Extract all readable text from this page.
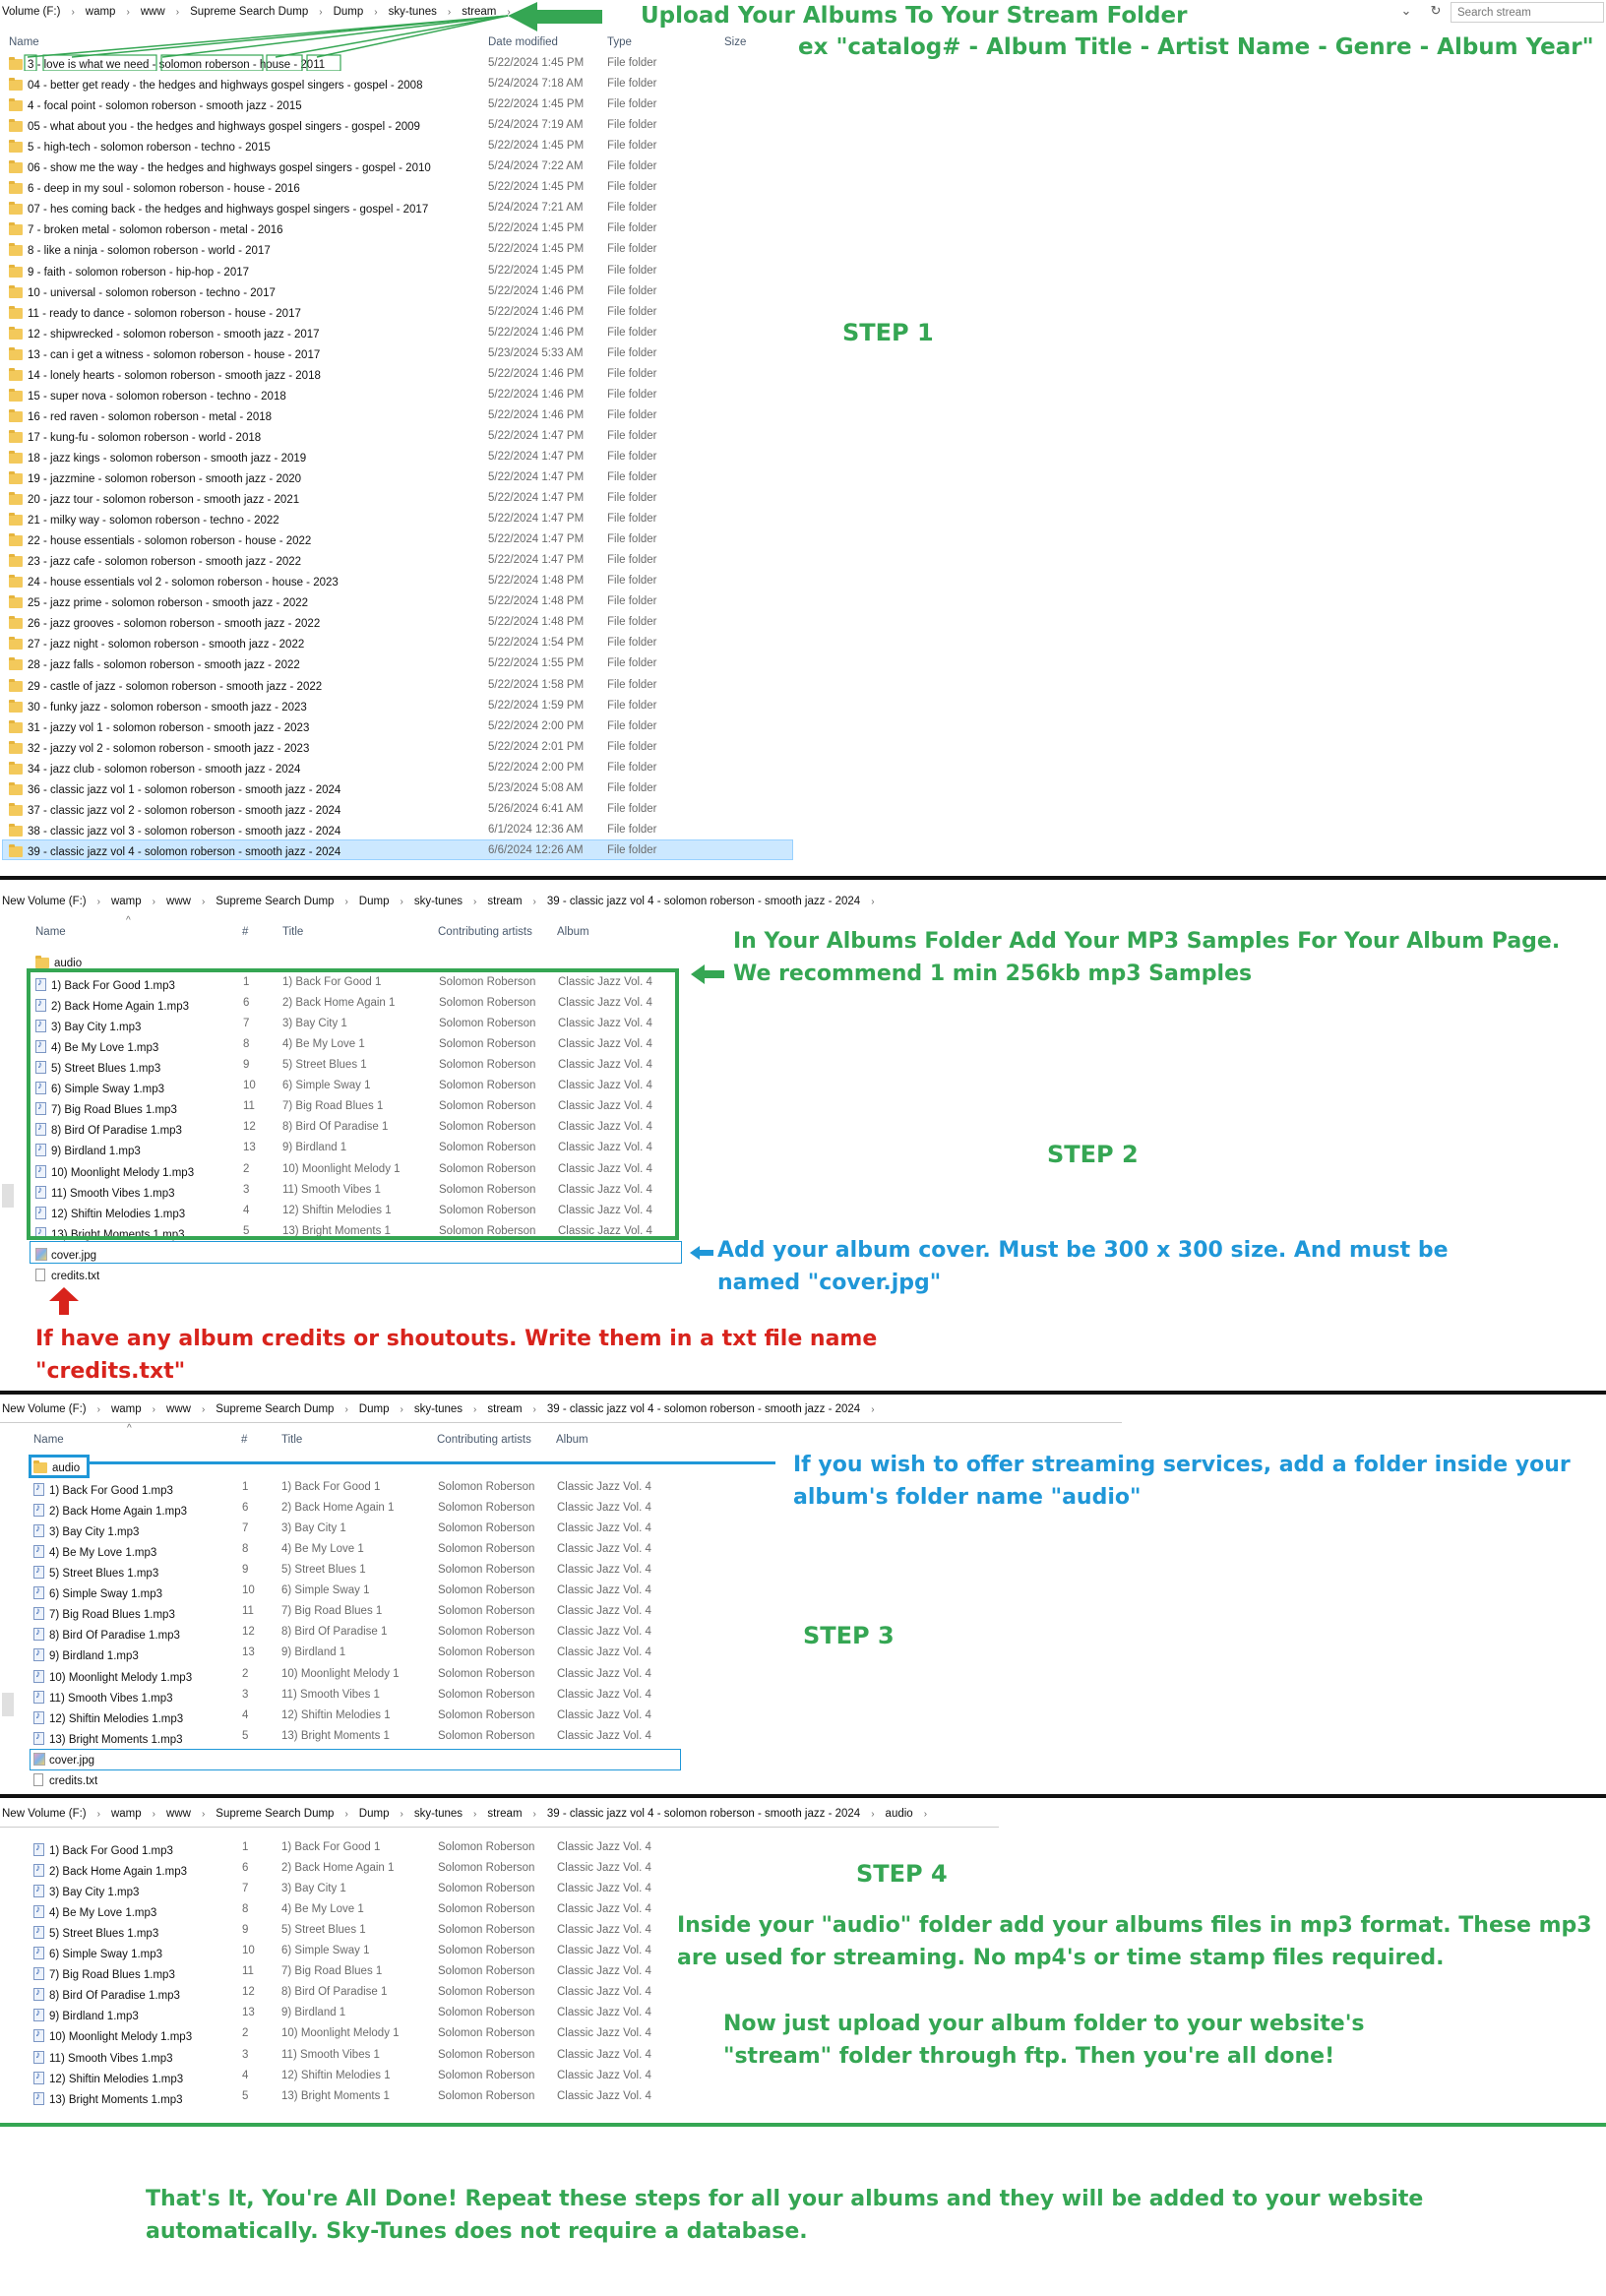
Volume (F:) › wamp › www › Supreme Search Dump › Dump › sky-tunes › stream ›	⌄ ↻	Search stream
Name	Date modified	Type	Size
3 - love is what we need - solomon roberson - house - 2011	5/22/2024 1:45 PM	File folder
04 - better get ready - the hedges and highways gospel singers - gospel - 2008	5/24/2024 7:18 AM	File folder
4 - focal point - solomon roberson - smooth jazz - 2015	5/22/2024 1:45 PM	File folder
05 - what about you - the hedges and highways gospel singers - gospel - 2009	5/24/2024 7:19 AM	File folder
5 - high-tech - solomon roberson - techno - 2015	5/22/2024 1:45 PM	File folder
06 - show me the way - the hedges and highways gospel singers - gospel - 2010	5/24/2024 7:22 AM	File folder
6 - deep in my soul - solomon roberson - house - 2016	5/22/2024 1:45 PM	File folder
07 - hes coming back - the hedges and highways gospel singers - gospel - 2017	5/24/2024 7:21 AM	File folder
7 - broken metal - solomon roberson - metal - 2016	5/22/2024 1:45 PM	File folder
8 - like a ninja - solomon roberson - world - 2017	5/22/2024 1:45 PM	File folder
9 - faith - solomon roberson - hip-hop - 2017	5/22/2024 1:45 PM	File folder
10 - universal - solomon roberson - techno - 2017	5/22/2024 1:46 PM	File folder
11 - ready to dance - solomon roberson - house - 2017	5/22/2024 1:46 PM	File folder
12 - shipwrecked - solomon roberson - smooth jazz - 2017	5/22/2024 1:46 PM	File folder
13 - can i get a witness - solomon roberson - house - 2017	5/23/2024 5:33 AM	File folder
14 - lonely hearts - solomon roberson - smooth jazz - 2018	5/22/2024 1:46 PM	File folder
15 - super nova - solomon roberson - techno - 2018	5/22/2024 1:46 PM	File folder
16 - red raven - solomon roberson - metal - 2018	5/22/2024 1:46 PM	File folder
17 - kung-fu - solomon roberson - world - 2018	5/22/2024 1:47 PM	File folder
18 - jazz kings - solomon roberson - smooth jazz - 2019	5/22/2024 1:47 PM	File folder
19 - jazzmine - solomon roberson - smooth jazz - 2020	5/22/2024 1:47 PM	File folder
20 - jazz tour - solomon roberson - smooth jazz - 2021	5/22/2024 1:47 PM	File folder
21 - milky way - solomon roberson - techno - 2022	5/22/2024 1:47 PM	File folder
22 - house essentials - solomon roberson - house - 2022	5/22/2024 1:47 PM	File folder
23 - jazz cafe - solomon roberson - smooth jazz - 2022	5/22/2024 1:47 PM	File folder
24 - house essentials vol 2 - solomon roberson - house - 2023	5/22/2024 1:48 PM	File folder
25 - jazz prime - solomon roberson - smooth jazz - 2022	5/22/2024 1:48 PM	File folder
26 - jazz grooves - solomon roberson - smooth jazz - 2022	5/22/2024 1:48 PM	File folder
27 - jazz night - solomon roberson - smooth jazz - 2022	5/22/2024 1:54 PM	File folder
28 - jazz falls - solomon roberson - smooth jazz - 2022	5/22/2024 1:55 PM	File folder
29 - castle of jazz - solomon roberson - smooth jazz - 2022	5/22/2024 1:58 PM	File folder
30 - funky jazz - solomon roberson - smooth jazz - 2023	5/22/2024 1:59 PM	File folder
31 - jazzy vol 1 - solomon roberson - smooth jazz - 2023	5/22/2024 2:00 PM	File folder
32 - jazzy vol 2 - solomon roberson - smooth jazz - 2023	5/22/2024 2:01 PM	File folder
34 - jazz club - solomon roberson - smooth jazz - 2024	5/22/2024 2:00 PM	File folder
36 - classic jazz vol 1 - solomon roberson - smooth jazz - 2024	5/23/2024 5:08 AM	File folder
37 - classic jazz vol 2 - solomon roberson - smooth jazz - 2024	5/26/2024 6:41 AM	File folder
38 - classic jazz vol 3 - solomon roberson - smooth jazz - 2024	6/1/2024 12:36 AM	File folder
39 - classic jazz vol 4 - solomon roberson - smooth jazz - 2024	6/6/2024 12:26 AM	File folder
Upload Your Albums To Your Stream Folder
ex "catalog# - Album Title - Artist Name - Genre - Album Year"
STEP 1
New Volume (F:) › wamp › www › Supreme Search Dump › Dump › sky-tunes › stream › 39 - classic jazz vol 4 - solomon roberson - smooth jazz - 2024 ›
^
Name	#	Title	Contributing artists Album
audio
♪1) Back For Good 1.mp3	1	1) Back For Good 1	Solomon Roberson	Classic Jazz Vol. 4
♪2) Back Home Again 1.mp3	6	2) Back Home Again 1	Solomon Roberson	Classic Jazz Vol. 4
♪3) Bay City 1.mp3	7	3) Bay City 1	Solomon Roberson	Classic Jazz Vol. 4
♪4) Be My Love 1.mp3	8	4) Be My Love 1	Solomon Roberson	Classic Jazz Vol. 4
♪5) Street Blues 1.mp3	9	5) Street Blues 1	Solomon Roberson	Classic Jazz Vol. 4
♪6) Simple Sway 1.mp3	10	6) Simple Sway 1	Solomon Roberson	Classic Jazz Vol. 4
♪7) Big Road Blues 1.mp3	11	7) Big Road Blues 1	Solomon Roberson	Classic Jazz Vol. 4
♪8) Bird Of Paradise 1.mp3	12	8) Bird Of Paradise 1	Solomon Roberson	Classic Jazz Vol. 4
♪9) Birdland 1.mp3	13	9) Birdland 1	Solomon Roberson	Classic Jazz Vol. 4
♪10) Moonlight Melody 1.mp3	2	10) Moonlight Melody 1	Solomon Roberson	Classic Jazz Vol. 4
♪11) Smooth Vibes 1.mp3	3	11) Smooth Vibes 1	Solomon Roberson	Classic Jazz Vol. 4
♪12) Shiftin Melodies 1.mp3	4	12) Shiftin Melodies 1	Solomon Roberson	Classic Jazz Vol. 4
♪13) Bright Moments 1.mp3	5	13) Bright Moments 1	Solomon Roberson	Classic Jazz Vol. 4
cover.jpg
credits.txt
In Your Albums Folder Add Your MP3 Samples For Your Album Page. We recommend 1 min 256kb mp3 Samples
STEP 2
Add your album cover. Must be 300 x 300 size. And must be named "cover.jpg"
If have any album credits or shoutouts. Write them in a txt file name "credits.txt"
New Volume (F:) › wamp › www › Supreme Search Dump › Dump › sky-tunes › stream › 39 - classic jazz vol 4 - solomon roberson - smooth jazz - 2024 ›
^
Name	#	Title	Contributing artists Album
audio
♪1) Back For Good 1.mp3	1	1) Back For Good 1	Solomon Roberson	Classic Jazz Vol. 4
♪2) Back Home Again 1.mp3	6	2) Back Home Again 1	Solomon Roberson	Classic Jazz Vol. 4
♪3) Bay City 1.mp3	7	3) Bay City 1	Solomon Roberson	Classic Jazz Vol. 4
♪4) Be My Love 1.mp3	8	4) Be My Love 1	Solomon Roberson	Classic Jazz Vol. 4
♪5) Street Blues 1.mp3	9	5) Street Blues 1	Solomon Roberson	Classic Jazz Vol. 4
♪6) Simple Sway 1.mp3	10	6) Simple Sway 1	Solomon Roberson	Classic Jazz Vol. 4
♪7) Big Road Blues 1.mp3	11	7) Big Road Blues 1	Solomon Roberson	Classic Jazz Vol. 4
♪8) Bird Of Paradise 1.mp3	12	8) Bird Of Paradise 1	Solomon Roberson	Classic Jazz Vol. 4
♪9) Birdland 1.mp3	13	9) Birdland 1	Solomon Roberson	Classic Jazz Vol. 4
♪10) Moonlight Melody 1.mp3	2	10) Moonlight Melody 1	Solomon Roberson	Classic Jazz Vol. 4
♪11) Smooth Vibes 1.mp3	3	11) Smooth Vibes 1	Solomon Roberson	Classic Jazz Vol. 4
♪12) Shiftin Melodies 1.mp3	4	12) Shiftin Melodies 1	Solomon Roberson	Classic Jazz Vol. 4
♪13) Bright Moments 1.mp3	5	13) Bright Moments 1	Solomon Roberson	Classic Jazz Vol. 4
cover.jpg
credits.txt
If you wish to offer streaming services, add a folder inside your album's folder name "audio"
STEP 3
New Volume (F:) › wamp › www › Supreme Search Dump › Dump › sky-tunes › stream › 39 - classic jazz vol 4 - solomon roberson - smooth jazz - 2024 › audio ›
♪1) Back For Good 1.mp3	1	1) Back For Good 1	Solomon Roberson	Classic Jazz Vol. 4
♪2) Back Home Again 1.mp3	6	2) Back Home Again 1	Solomon Roberson	Classic Jazz Vol. 4
♪3) Bay City 1.mp3	7	3) Bay City 1	Solomon Roberson	Classic Jazz Vol. 4
♪4) Be My Love 1.mp3	8	4) Be My Love 1	Solomon Roberson	Classic Jazz Vol. 4
♪5) Street Blues 1.mp3	9	5) Street Blues 1	Solomon Roberson	Classic Jazz Vol. 4
♪6) Simple Sway 1.mp3	10	6) Simple Sway 1	Solomon Roberson	Classic Jazz Vol. 4
♪7) Big Road Blues 1.mp3	11	7) Big Road Blues 1	Solomon Roberson	Classic Jazz Vol. 4
♪8) Bird Of Paradise 1.mp3	12	8) Bird Of Paradise 1	Solomon Roberson	Classic Jazz Vol. 4
♪9) Birdland 1.mp3	13	9) Birdland 1	Solomon Roberson	Classic Jazz Vol. 4
♪10) Moonlight Melody 1.mp3	2	10) Moonlight Melody 1	Solomon Roberson	Classic Jazz Vol. 4
♪11) Smooth Vibes 1.mp3	3	11) Smooth Vibes 1	Solomon Roberson	Classic Jazz Vol. 4
♪12) Shiftin Melodies 1.mp3	4	12) Shiftin Melodies 1	Solomon Roberson	Classic Jazz Vol. 4
♪13) Bright Moments 1.mp3	5	13) Bright Moments 1	Solomon Roberson	Classic Jazz Vol. 4
STEP 4
Inside your "audio" folder add your albums files in mp3 format. These mp3 are used for streaming. No mp4's or time stamp files required.
Now just upload your album folder to your website's "stream" folder through ftp. Then you're all done!
That's It, You're All Done! Repeat these steps for all your albums and they will be added to your website automatically. Sky-Tunes does not require a database.
